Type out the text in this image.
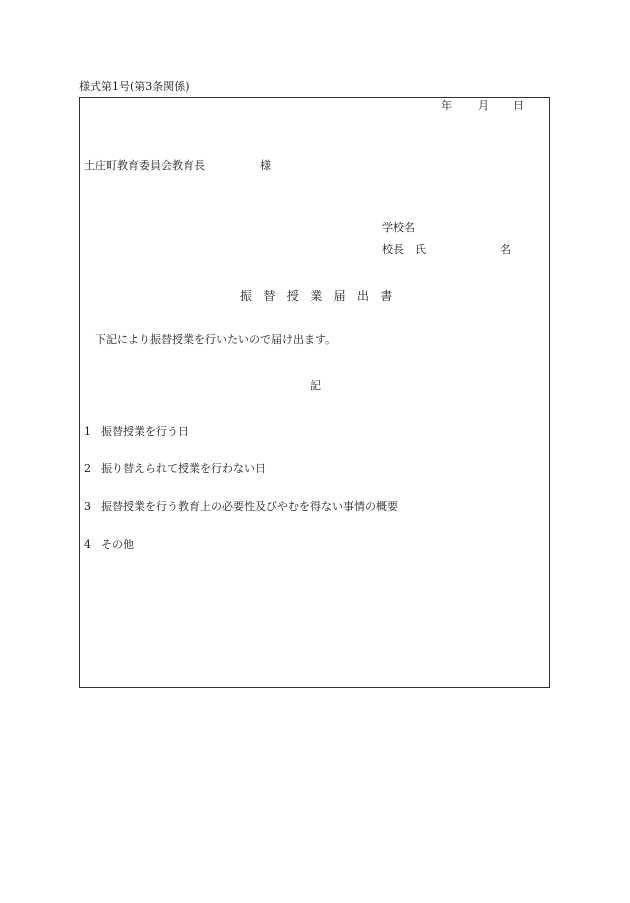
様式第1号(第3条関係)
年 月 日
土庄町教育委員会教育長	様
学校名
校長　氏	名
振替授業届出書
下記により振替授業を行いたいので届け出ます。
記
1 振替授業を行う日
2 振り替えられて授業を行わない日
3 振替授業を行う教育上の必要性及びやむを得ない事情の概要
4 その他
